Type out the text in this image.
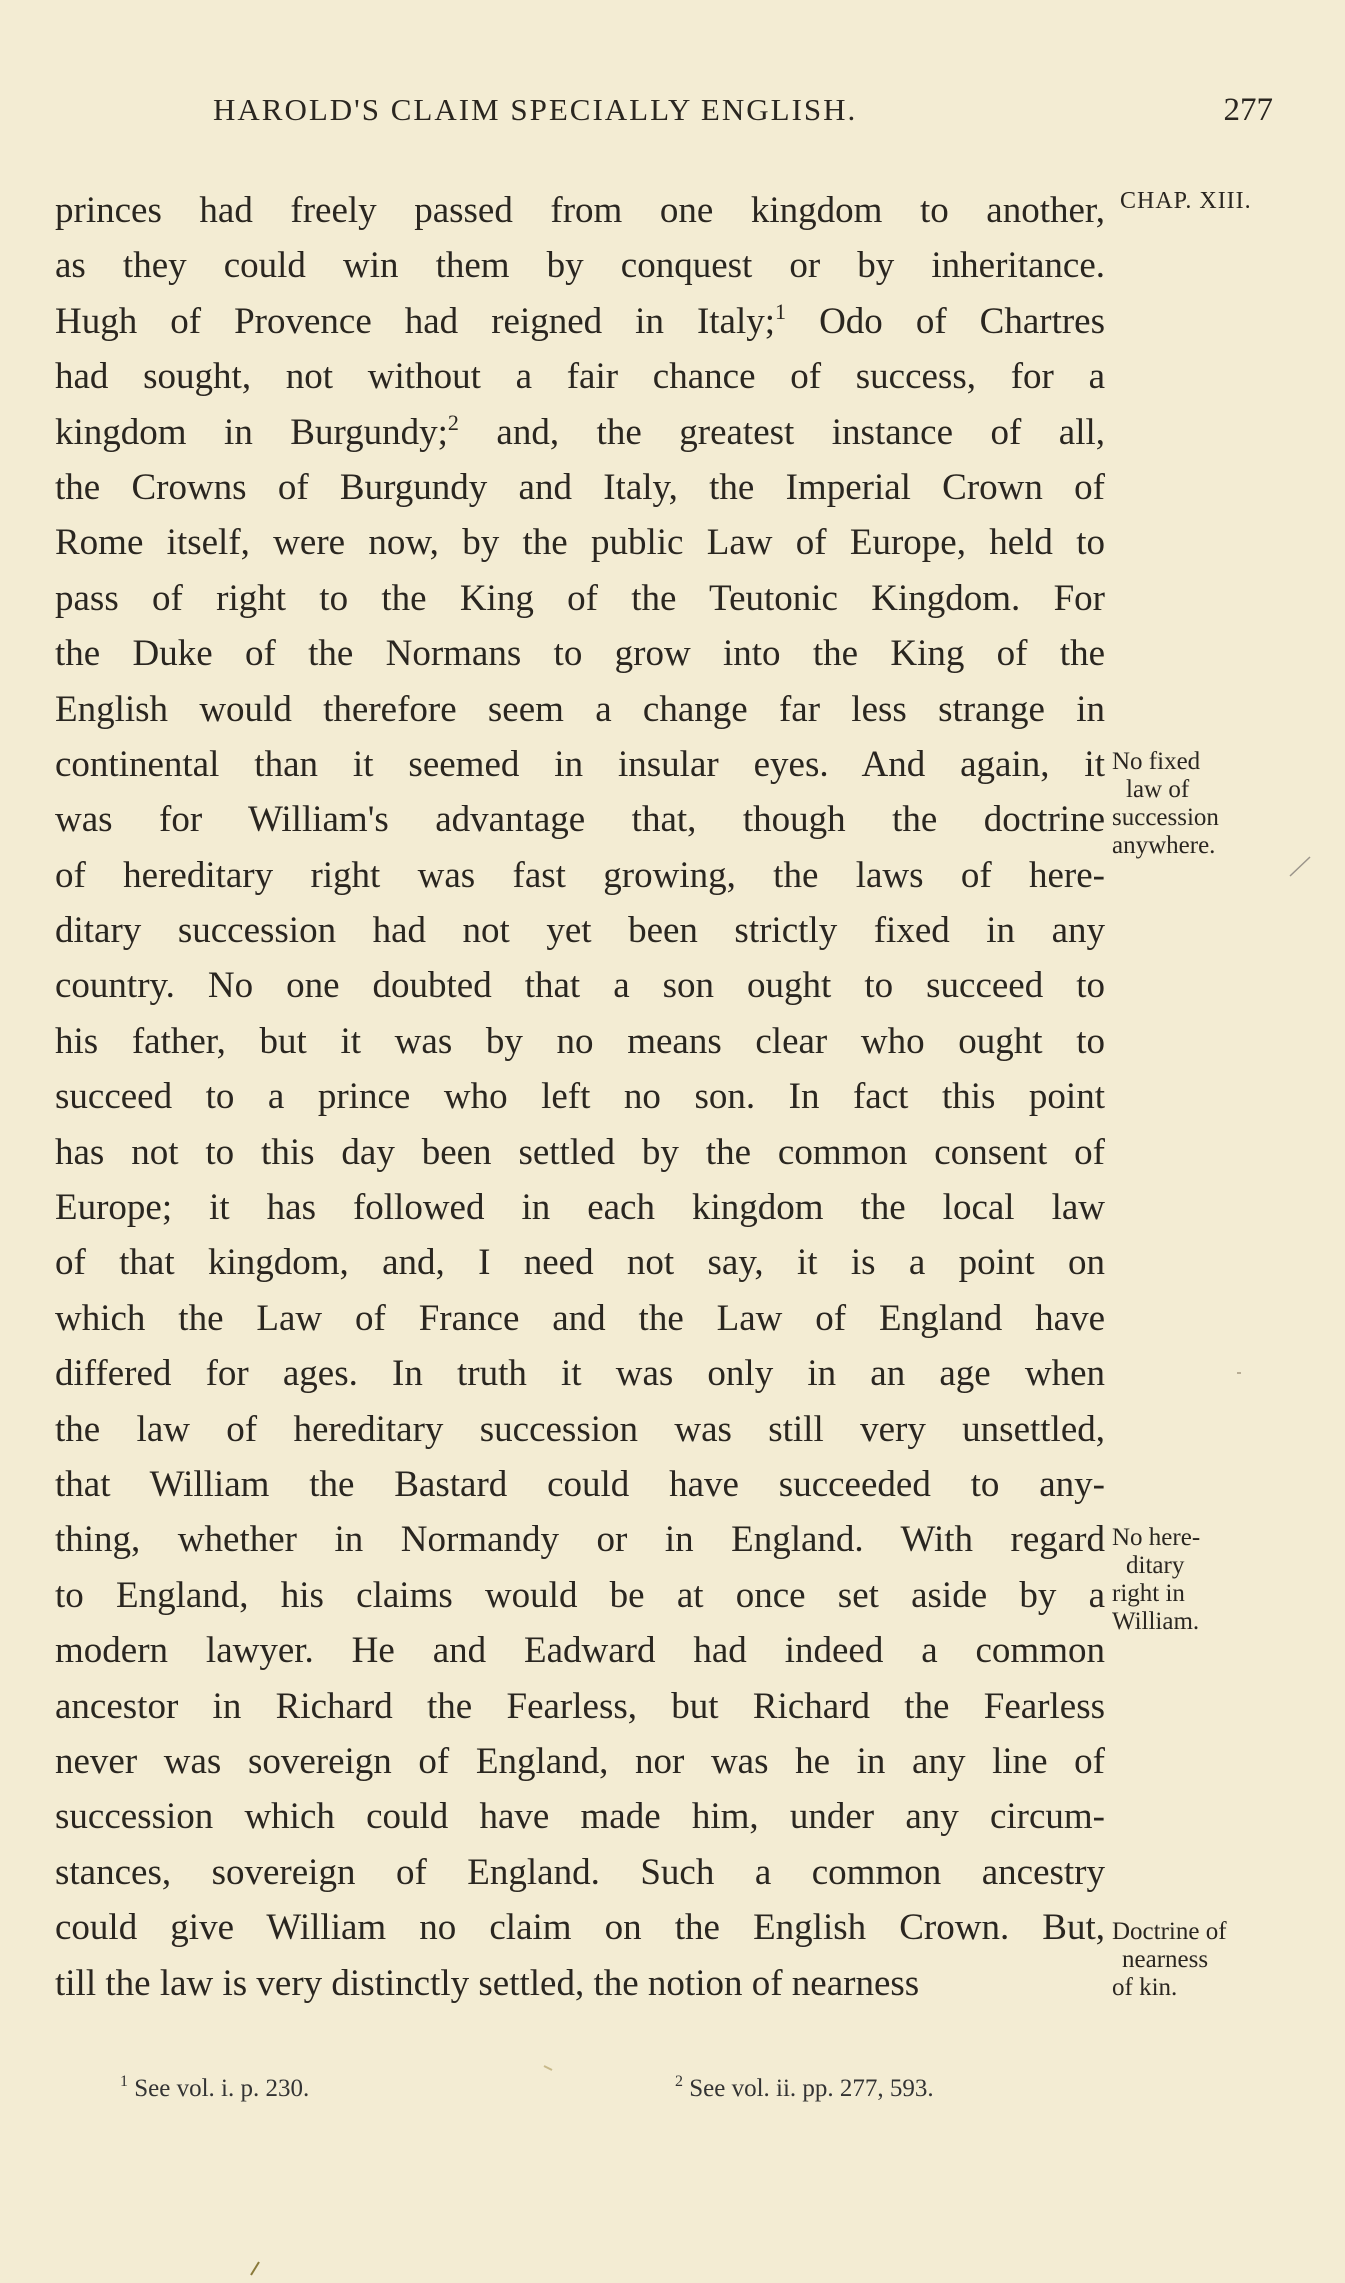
HAROLD'S CLAIM SPECIALLY ENGLISH.	277
princes had freely passed from one kingdom to another,
as they could win them by conquest or by inheritance.
Hugh of Provence had reigned in Italy;$^1$ Odo of Chartres
had sought, not without a fair chance of success, for a
kingdom in Burgundy;$^2$ and, the greatest instance of all,
the Crowns of Burgundy and Italy, the Imperial Crown of
Rome itself, were now, by the public Law of Europe, held to
pass of right to the King of the Teutonic Kingdom. For
the Duke of the Normans to grow into the King of the
English would therefore seem a change far less strange in
continental than it seemed in insular eyes. And again, it
was for William's advantage that, though the doctrine
of hereditary right was fast growing, the laws of here-
ditary succession had not yet been strictly fixed in any
country. No one doubted that a son ought to succeed to
his father, but it was by no means clear who ought to
succeed to a prince who left no son. In fact this point
has not to this day been settled by the common consent of
Europe; it has followed in each kingdom the local law
of that kingdom, and, I need not say, it is a point on
which the Law of France and the Law of England have
differed for ages. In truth it was only in an age when
the law of hereditary succession was still very unsettled,
that William the Bastard could have succeeded to any-
thing, whether in Normandy or in England. With regard
to England, his claims would be at once set aside by a
modern lawyer. He and Eadward had indeed a common
ancestor in Richard the Fearless, but Richard the Fearless
never was sovereign of England, nor was he in any line of
succession which could have made him, under any circum-
stances, sovereign of England. Such a common ancestry
could give William no claim on the English Crown. But,
till the law is very distinctly settled, the notion of nearness
CHAP. XIII.
No fixed
law of
succession
anywhere.
No here-
ditary
right in
William.
Doctrine of
nearness
of kin.
$^1$ See vol. i. p. 230.	$^2$ See vol. ii. pp. 277, 593.
